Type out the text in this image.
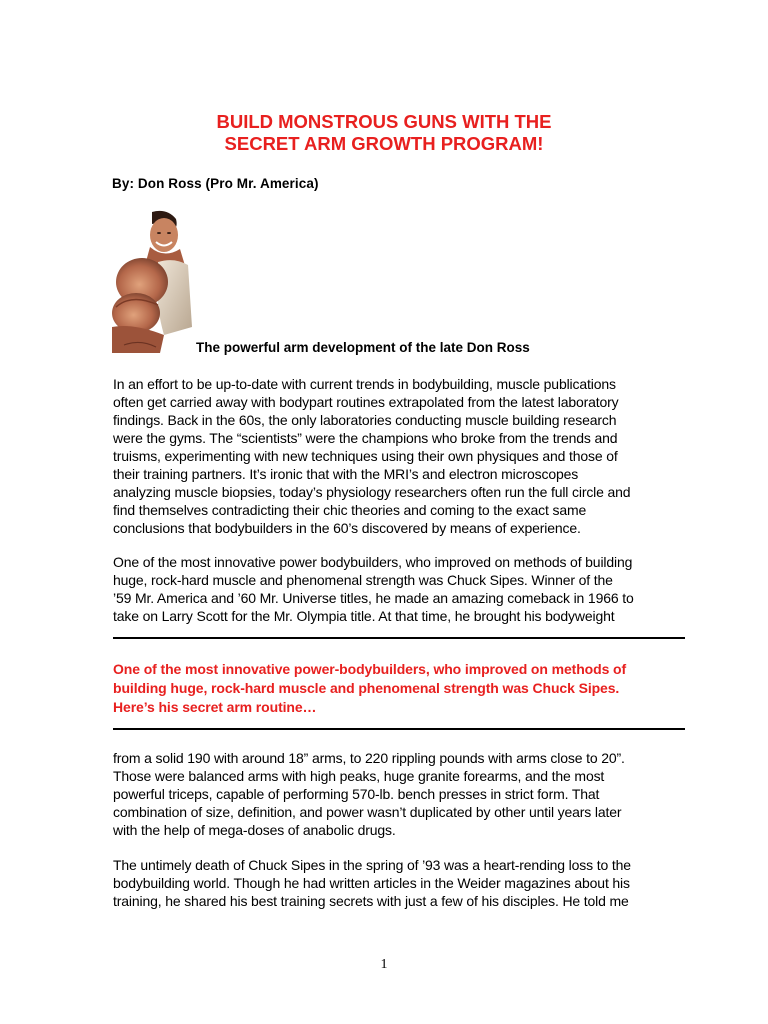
BUILD MONSTROUS GUNS WITH THE
SECRET ARM GROWTH PROGRAM!

By: Don Ross (Pro Mr. America)

The powerful arm development of the late Don Ross

In an effort to be up-to-date with current trends in bodybuilding, muscle publications
often get carried away with bodypart routines extrapolated from the latest laboratory
findings. Back in the 60s, the only laboratories conducting muscle building research
were the gyms. The “scientists” were the champions who broke from the trends and
truisms, experimenting with new techniques using their own physiques and those of
their training partners. It’s ironic that with the MRI’s and electron microscopes
analyzing muscle biopsies, today’s physiology researchers often run the full circle and
find themselves contradicting their chic theories and coming to the exact same
conclusions that bodybuilders in the 60’s discovered by means of experience.
One of the most innovative power bodybuilders, who improved on methods of building
huge, rock-hard muscle and phenomenal strength was Chuck Sipes. Winner of the
’59 Mr. America and ’60 Mr. Universe titles, he made an amazing comeback in 1966 to
take on Larry Scott for the Mr. Olympia title. At that time, he brought his bodyweight
One of the most innovative power-bodybuilders, who improved on methods of
building huge, rock-hard muscle and phenomenal strength was Chuck Sipes.
Here’s his secret arm routine…
from a solid 190 with around 18” arms, to 220 rippling pounds with arms close to 20”.
Those were balanced arms with high peaks, huge granite forearms, and the most
powerful triceps, capable of performing 570-lb. bench presses in strict form. That
combination of size, definition, and power wasn’t duplicated by other until years later
with the help of mega-doses of anabolic drugs.
The untimely death of Chuck Sipes in the spring of ’93 was a heart-rending loss to the
bodybuilding world. Though he had written articles in the Weider magazines about his
training, he shared his best training secrets with just a few of his disciples. He told me
1
